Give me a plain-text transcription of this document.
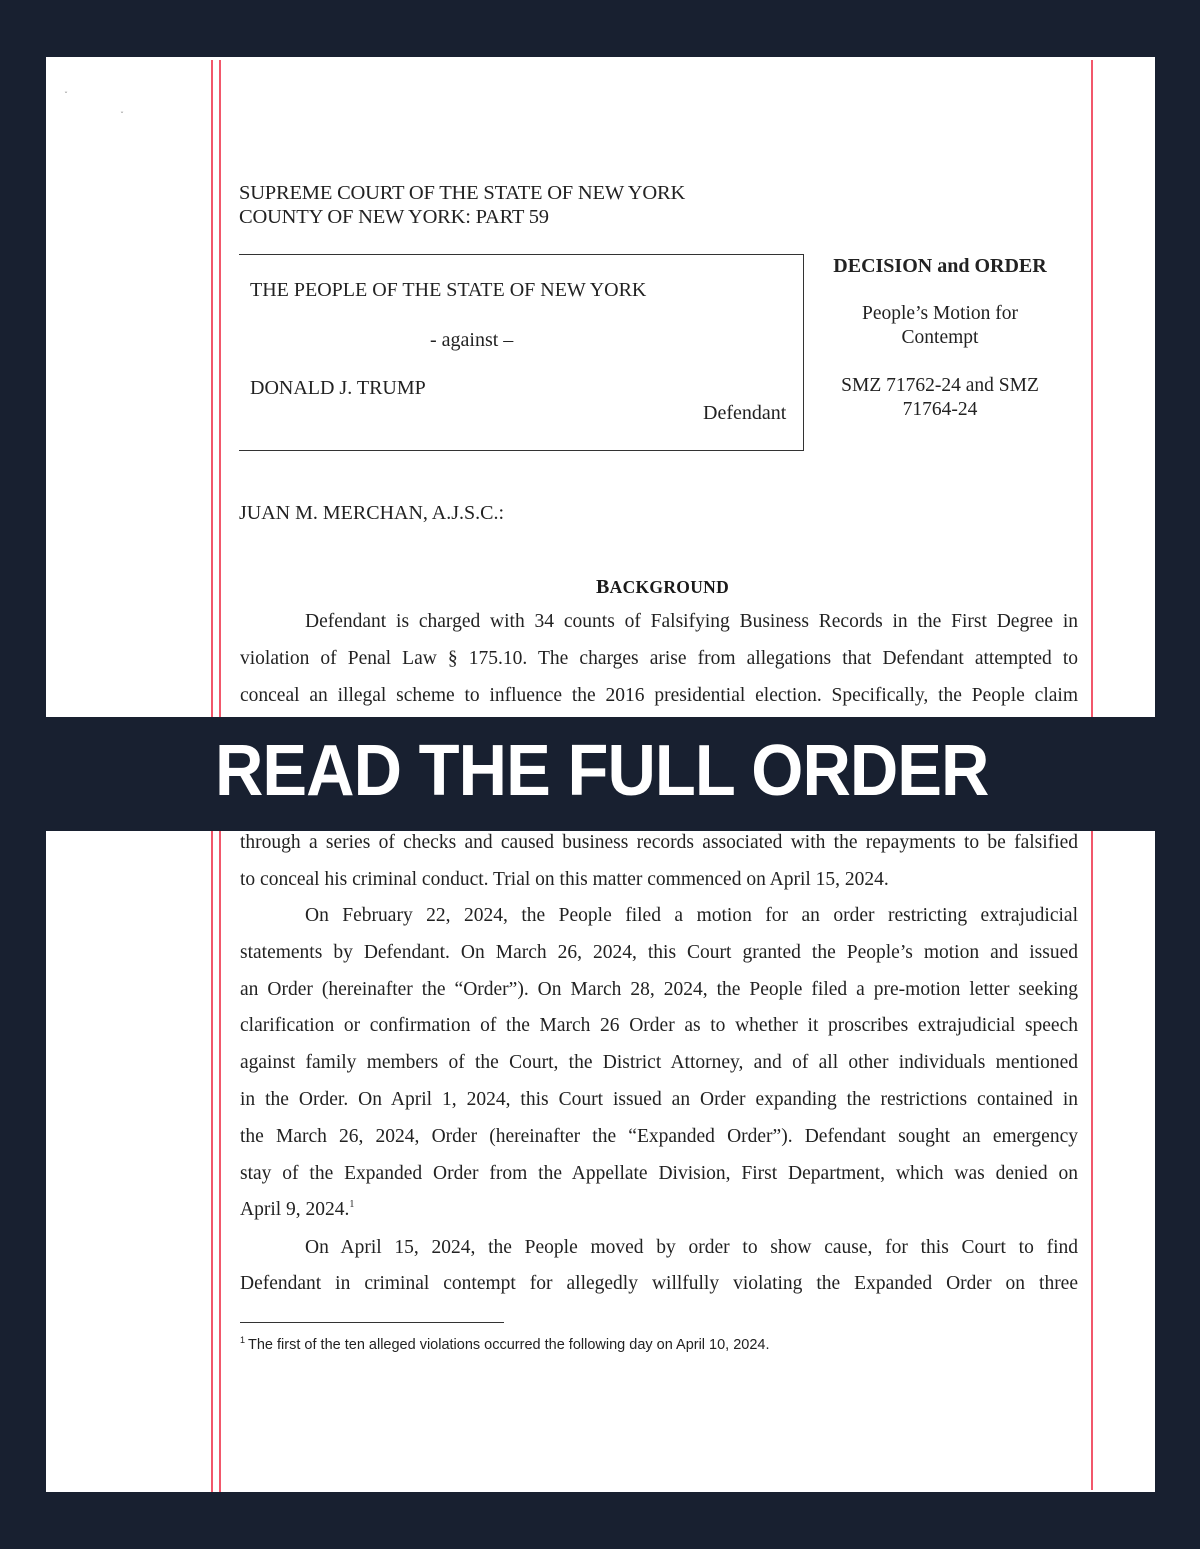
ˇ
ˇ
SUPREME COURT OF THE STATE OF NEW YORK
COUNTY OF NEW YORK: PART 59
THE PEOPLE OF THE STATE OF NEW YORK
- against –
DONALD J. TRUMP
Defendant
DECISION and ORDER
People’s Motion for
Contempt
SMZ 71762-24 and SMZ
71764-24
JUAN M. MERCHAN, A.J.S.C.:
BACKGROUND
Defendant is charged with 34 counts of Falsifying Business Records in the First Degree in
violation of Penal Law § 175.10. The charges arise from allegations that Defendant attempted to
conceal an illegal scheme to influence the 2016 presidential election. Specifically, the People claim
through a series of checks and caused business records associated with the repayments to be falsified
to conceal his criminal conduct. Trial on this matter commenced on April 15, 2024.
On February 22, 2024, the People filed a motion for an order restricting extrajudicial
statements by Defendant. On March 26, 2024, this Court granted the People’s motion and issued
an Order (hereinafter the “Order”). On March 28, 2024, the People filed a pre-motion letter seeking
clarification or confirmation of the March 26 Order as to whether it proscribes extrajudicial speech
against family members of the Court, the District Attorney, and of all other individuals mentioned
in the Order. On April 1, 2024, this Court issued an Order expanding the restrictions contained in
the March 26, 2024, Order (hereinafter the “Expanded Order”). Defendant sought an emergency
stay of the Expanded Order from the Appellate Division, First Department, which was denied on
April 9, 2024.$^1$
On April 15, 2024, the People moved by order to show cause, for this Court to find
Defendant in criminal contempt for allegedly willfully violating the Expanded Order on three
$^1$ The first of the ten alleged violations occurred the following day on April 10, 2024.
READ THE FULL ORDER
